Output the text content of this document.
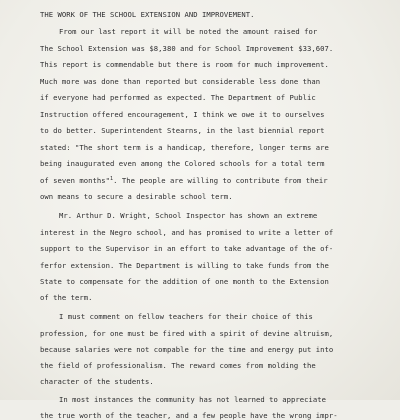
THE WORK OF THE SCHOOL EXTENSION AND IMPROVEMENT.

From our last report it will be noted the amount raised for

The School Extension was $8,380 and for School Improvement $33,607.

This report is commendable but there is room for much improvement.

Much more was done than reported but considerable less done than

if everyone had performed as expected. The Department of Public

Instruction offered encouragement, I think we owe it to ourselves

to do better. Superintendent Stearns, in the last biennial report

stated: "The short term is a handicap, therefore, longer terms are

being inaugurated even among the Colored schools for a total term

of seven months"$^1$. The people are willing to contribute from their

own means to secure a desirable school term.

Mr. Arthur D. Wright, School Inspector has shown an extreme

interest in the Negro school, and has promised to write a letter of

support to the Supervisor in an effort to take advantage of the of-

ferfor extension. The Department is willing to take funds from the

State to compensate for the addition of one month to the Extension

of the term.

I must comment on fellow teachers for their choice of this

profession, for one must be fired with a spirit of devine altruism,

because salaries were not compable for the time and energy put into

the field of professionalism. The reward comes from molding the

character of the students.

In most instances the community has not learned to appreciate

the true worth of the teacher, and a few people have the wrong impr-
